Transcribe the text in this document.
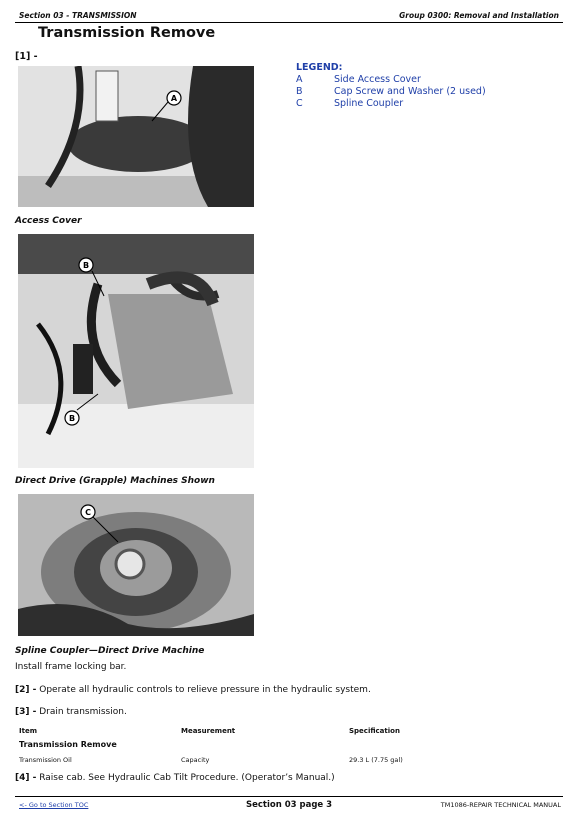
Section 03 - TRANSMISSION	Group 0300: Removal and Installation
Transmission Remove
[1] -
LEGEND:
A	Side Access Cover
B	Cap Screw and Washer (2 used)
C	Spline Coupler
A
Access Cover
B
B
Direct Drive (Grapple) Machines Shown
C
Spline Coupler—Direct Drive Machine
Install frame locking bar.
[2] - Operate all hydraulic controls to relieve pressure in the hydraulic system.
[3] - Drain transmission.
Item	Measurement	Specification
Transmission Remove
Transmission Oil	Capacity	29.3 L (7.75 gal)
[4] - Raise cab. See Hydraulic Cab Tilt Procedure. (Operator’s Manual.)
<- Go to Section TOC	Section 03 page 3	TM1086-REPAIR TECHNICAL MANUAL
